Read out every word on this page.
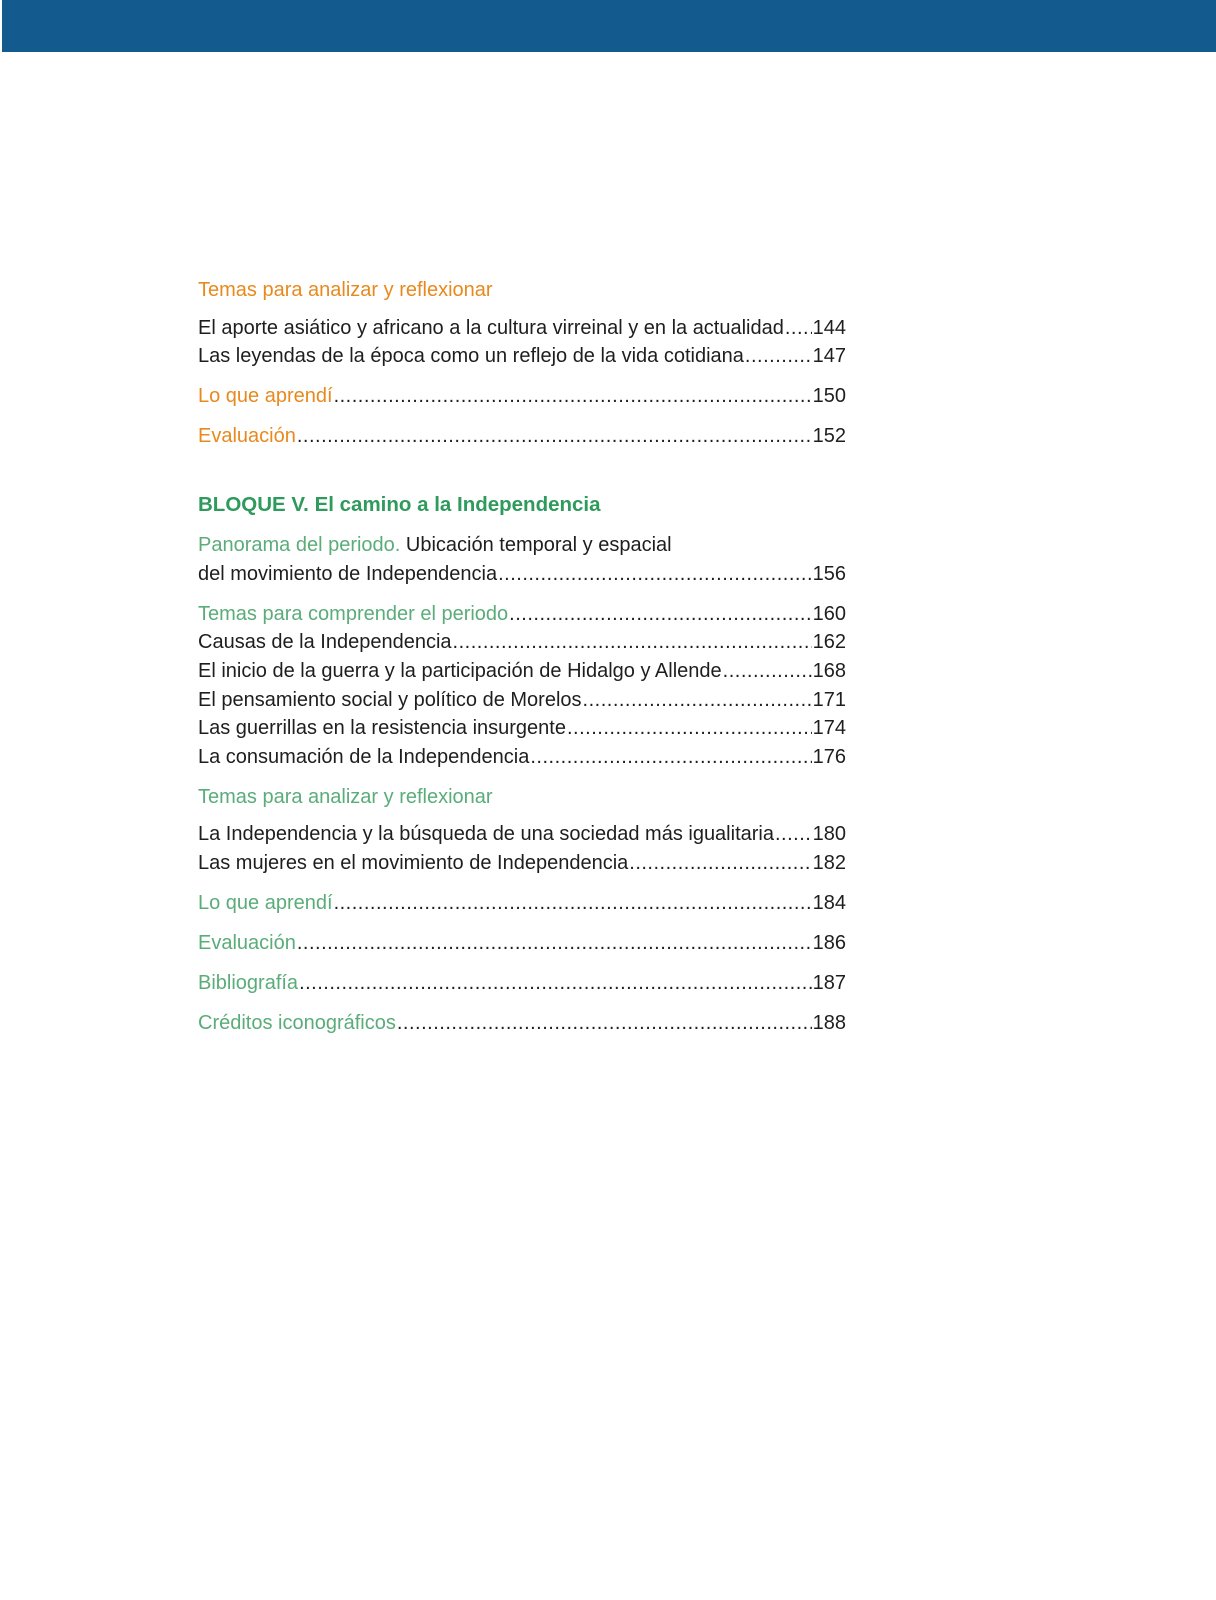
Temas para analizar y reflexionar
El aporte asiático y africano a la cultura virreinal y en la actualidad ..... 144
Las leyendas de la época como un reflejo de la vida cotidiana .....	147
Lo que aprendí .....	150
Evaluación .....	152
BLOQUE V. El camino a la Independencia
Panorama del periodo. Ubicación temporal y espacial
del movimiento de Independencia .....	156
Temas para comprender el periodo .....	160
Causas de la Independencia .....	162
El inicio de la guerra y la participación de Hidalgo y Allende .....	168
El pensamiento social y político de Morelos .....	171
Las guerrillas en la resistencia insurgente .....	174
La consumación de la Independencia .....	176
Temas para analizar y reflexionar
La Independencia y la búsqueda de una sociedad más igualitaria ..... 180
Las mujeres en el movimiento de Independencia .....	182
Lo que aprendí .....	184
Evaluación .....	186
Bibliografía .....	187
Créditos iconográficos .....	188
